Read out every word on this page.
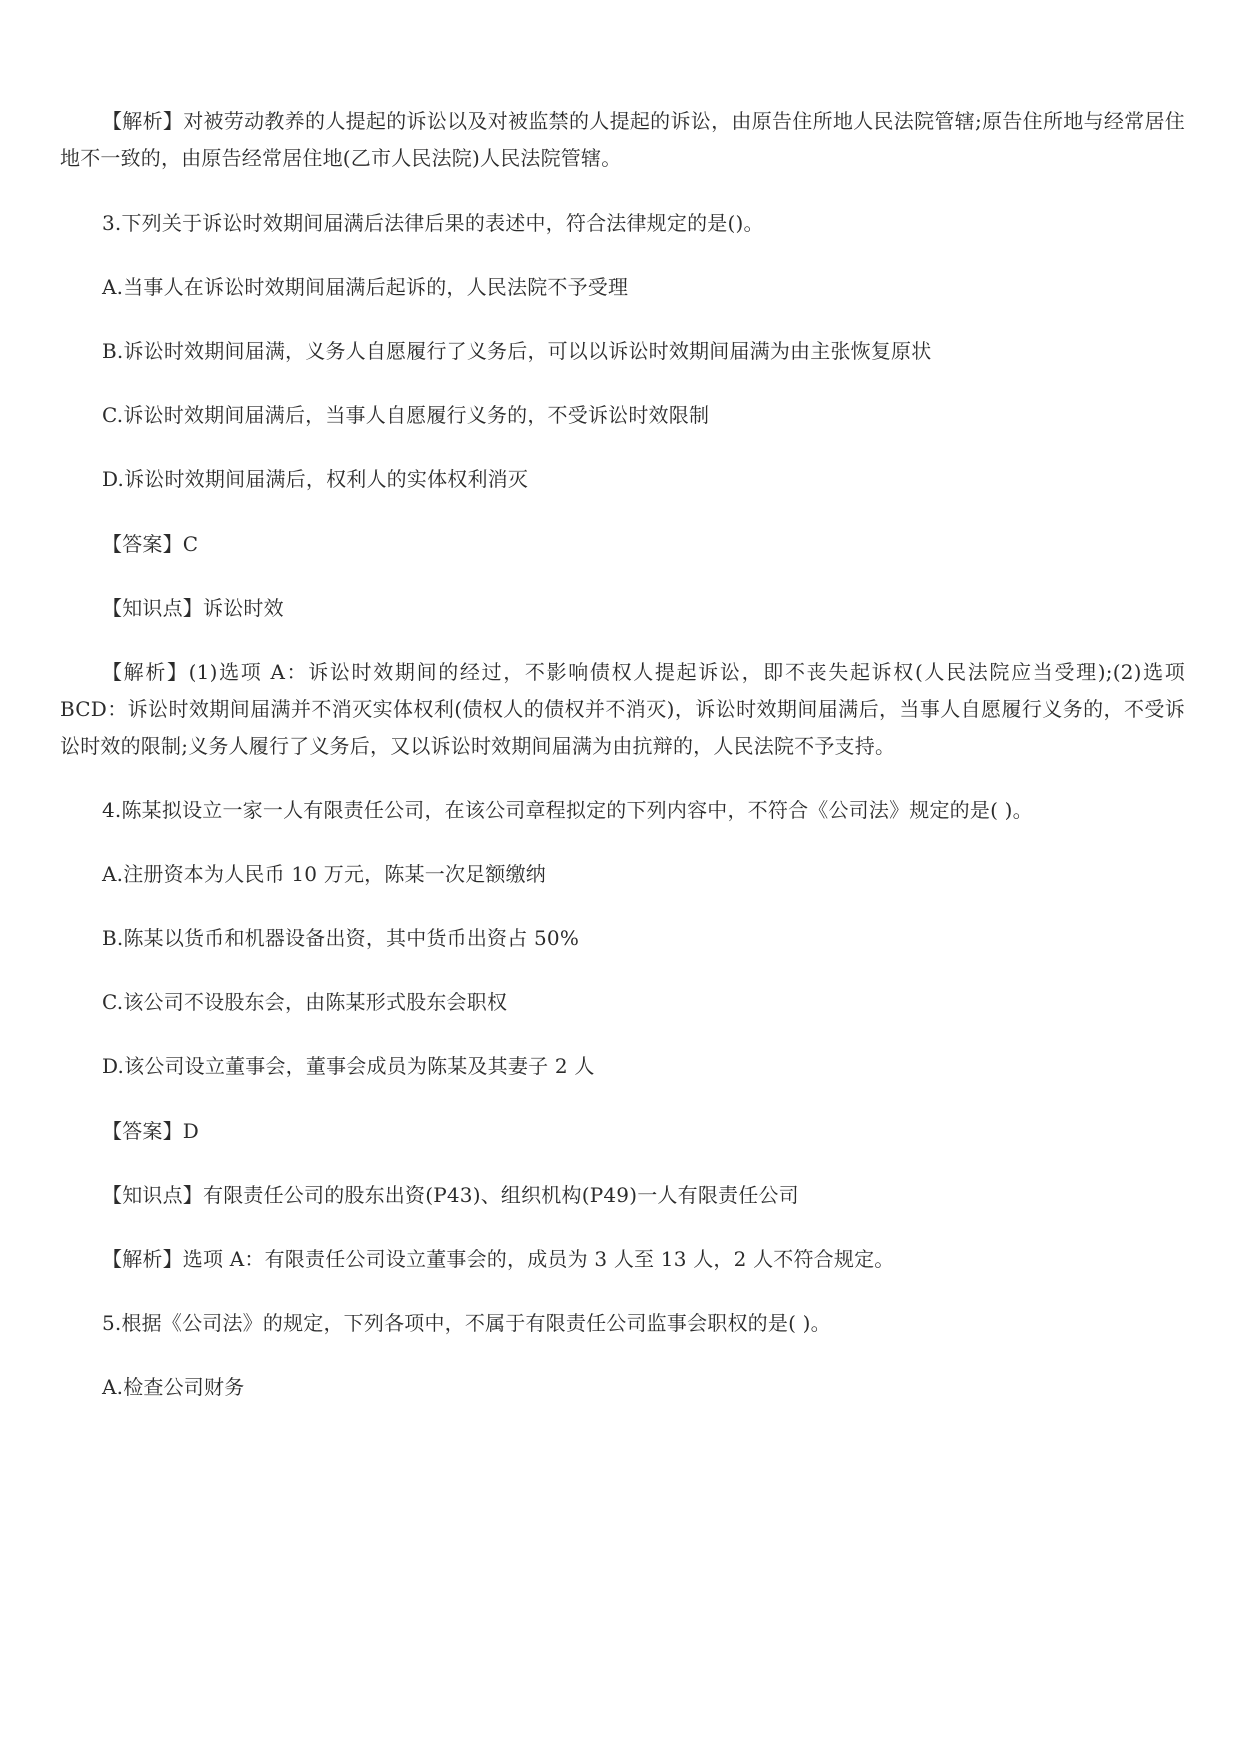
【解析】对被劳动教养的人提起的诉讼以及对被监禁的人提起的诉讼，由原告住所地人民法院管辖;原告住所地与经常居住地不一致的，由原告经常居住地(乙市人民法院)人民法院管辖。

3.下列关于诉讼时效期间届满后法律后果的表述中，符合法律规定的是()。

A.当事人在诉讼时效期间届满后起诉的，人民法院不予受理

B.诉讼时效期间届满，义务人自愿履行了义务后，可以以诉讼时效期间届满为由主张恢复原状

C.诉讼时效期间届满后，当事人自愿履行义务的，不受诉讼时效限制

D.诉讼时效期间届满后，权利人的实体权利消灭

【答案】C

【知识点】诉讼时效

【解析】(1)选项 A：诉讼时效期间的经过，不影响债权人提起诉讼，即不丧失起诉权(人民法院应当受理);(2)选项 BCD：诉讼时效期间届满并不消灭实体权利(债权人的债权并不消灭)，诉讼时效期间届满后，当事人自愿履行义务的，不受诉讼时效的限制;义务人履行了义务后，又以诉讼时效期间届满为由抗辩的，人民法院不予支持。

4.陈某拟设立一家一人有限责任公司，在该公司章程拟定的下列内容中，不符合《公司法》规定的是( )。

A.注册资本为人民币 10 万元，陈某一次足额缴纳

B.陈某以货币和机器设备出资，其中货币出资占 50%

C.该公司不设股东会，由陈某形式股东会职权

D.该公司设立董事会，董事会成员为陈某及其妻子 2 人

【答案】D

【知识点】有限责任公司的股东出资(P43)、组织机构(P49)一人有限责任公司

【解析】选项 A：有限责任公司设立董事会的，成员为 3 人至 13 人，2 人不符合规定。

5.根据《公司法》的规定，下列各项中，不属于有限责任公司监事会职权的是( )。

A.检查公司财务
